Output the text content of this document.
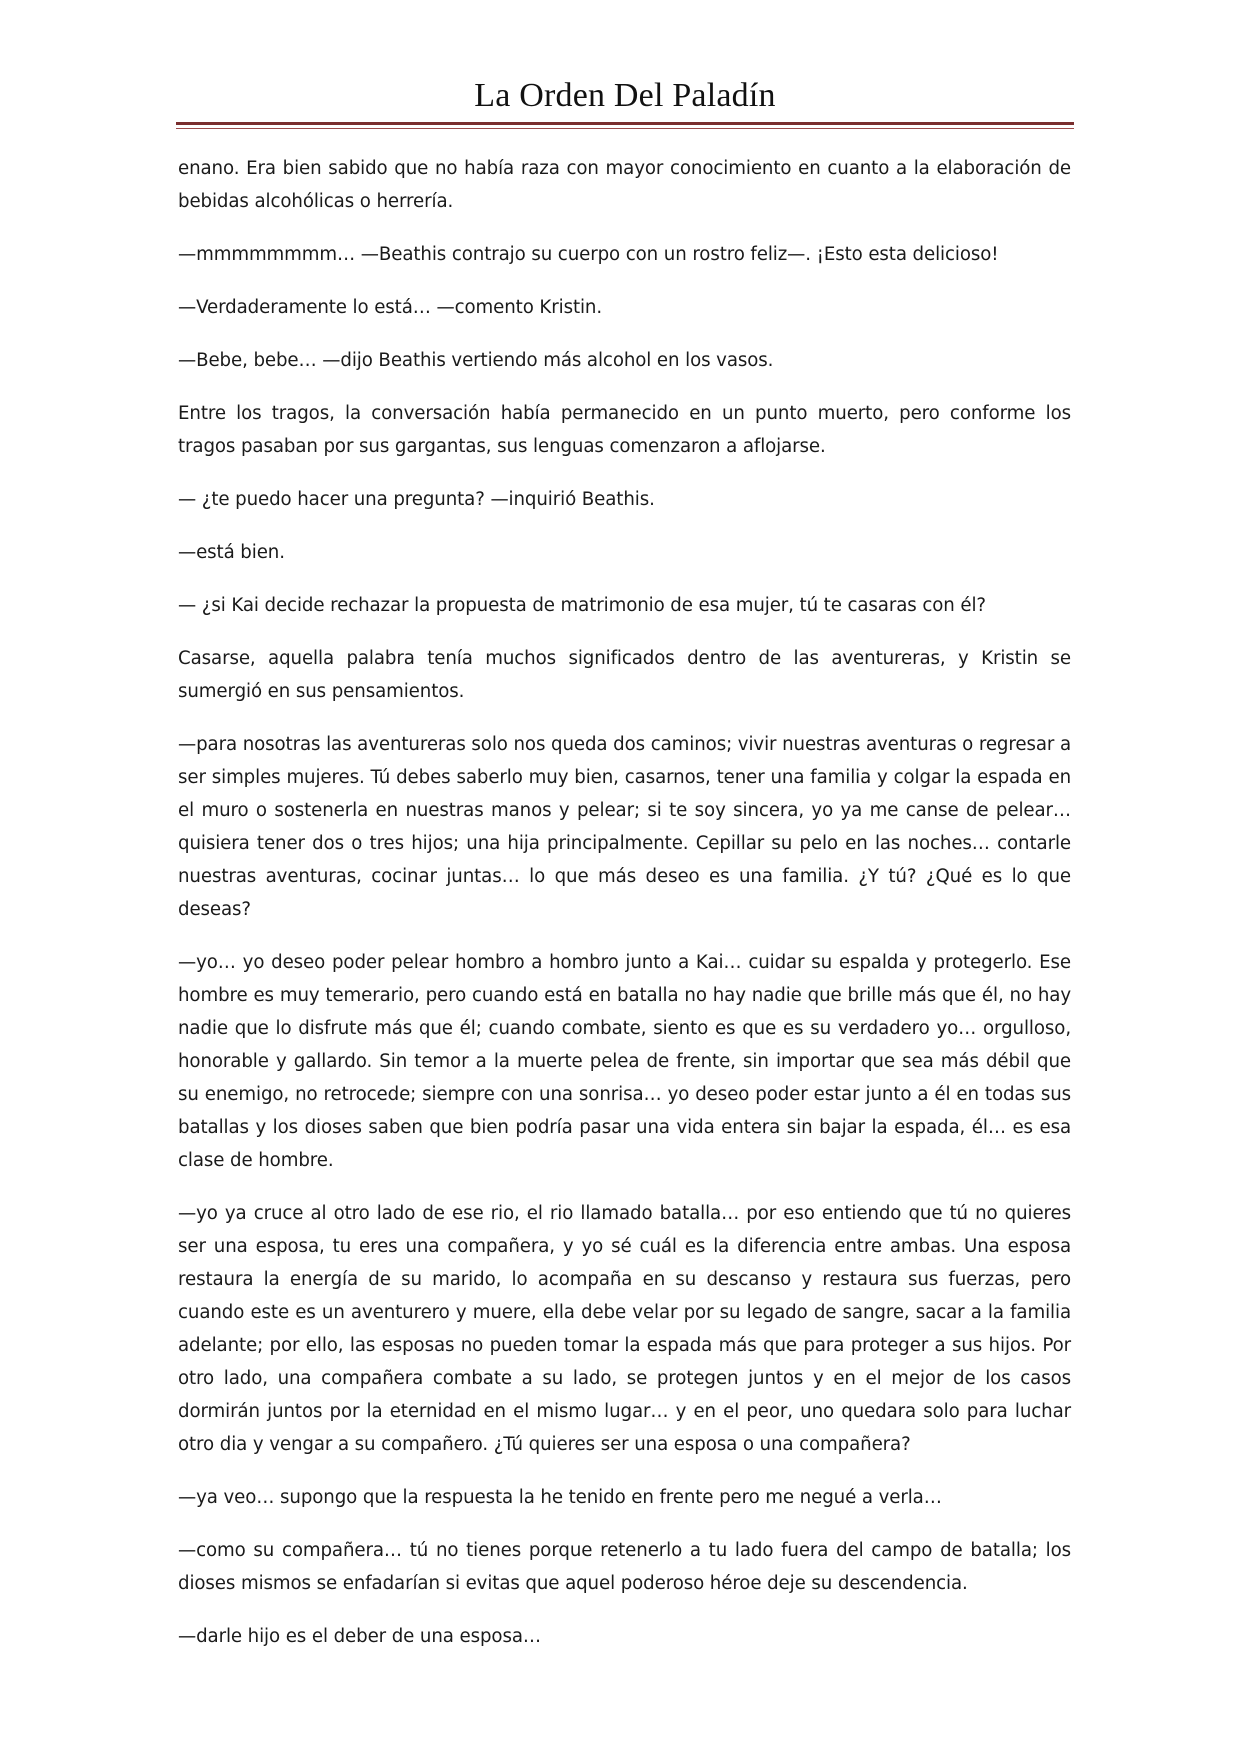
La Orden Del Paladín

enano. Era bien sabido que no había raza con mayor conocimiento en cuanto a la elaboración de bebidas alcohólicas o herrería.

—mmmmmmmm… —Beathis contrajo su cuerpo con un rostro feliz—. ¡Esto esta delicioso!

—Verdaderamente lo está… —comento Kristin.

—Bebe, bebe… —dijo Beathis vertiendo más alcohol en los vasos.

Entre los tragos, la conversación había permanecido en un punto muerto, pero conforme los tragos pasaban por sus gargantas, sus lenguas comenzaron a aflojarse.

— ¿te puedo hacer una pregunta? —inquirió Beathis.

—está bien.

— ¿si Kai decide rechazar la propuesta de matrimonio de esa mujer, tú te casaras con él?

Casarse, aquella palabra tenía muchos significados dentro de las aventureras, y Kristin se sumergió en sus pensamientos.

—para nosotras las aventureras solo nos queda dos caminos; vivir nuestras aventuras o regresar a ser simples mujeres. Tú debes saberlo muy bien, casarnos, tener una familia y colgar la espada en el muro o sostenerla en nuestras manos y pelear; si te soy sincera, yo ya me canse de pelear… quisiera tener dos o tres hijos; una hija principalmente. Cepillar su pelo en las noches… contarle nuestras aventuras, cocinar juntas… lo que más deseo es una familia. ¿Y tú? ¿Qué es lo que deseas?

—yo… yo deseo poder pelear hombro a hombro junto a Kai… cuidar su espalda y protegerlo. Ese hombre es muy temerario, pero cuando está en batalla no hay nadie que brille más que él, no hay nadie que lo disfrute más que él; cuando combate, siento es que es su verdadero yo… orgulloso, honorable y gallardo. Sin temor a la muerte pelea de frente, sin importar que sea más débil que su enemigo, no retrocede; siempre con una sonrisa… yo deseo poder estar junto a él en todas sus batallas y los dioses saben que bien podría pasar una vida entera sin bajar la espada, él… es esa clase de hombre.

—yo ya cruce al otro lado de ese rio, el rio llamado batalla… por eso entiendo que tú no quieres ser una esposa, tu eres una compañera, y yo sé cuál es la diferencia entre ambas. Una esposa restaura la energía de su marido, lo acompaña en su descanso y restaura sus fuerzas, pero cuando este es un aventurero y muere, ella debe velar por su legado de sangre, sacar a la familia adelante; por ello, las esposas no pueden tomar la espada más que para proteger a sus hijos. Por otro lado, una compañera combate a su lado, se protegen juntos y en el mejor de los casos dormirán juntos por la eternidad en el mismo lugar… y en el peor, uno quedara solo para luchar otro dia y vengar a su compañero. ¿Tú quieres ser una esposa o una compañera?

—ya veo… supongo que la respuesta la he tenido en frente pero me negué a verla…

—como su compañera… tú no tienes porque retenerlo a tu lado fuera del campo de batalla; los dioses mismos se enfadarían si evitas que aquel poderoso héroe deje su descendencia.

—darle hijo es el deber de una esposa…
